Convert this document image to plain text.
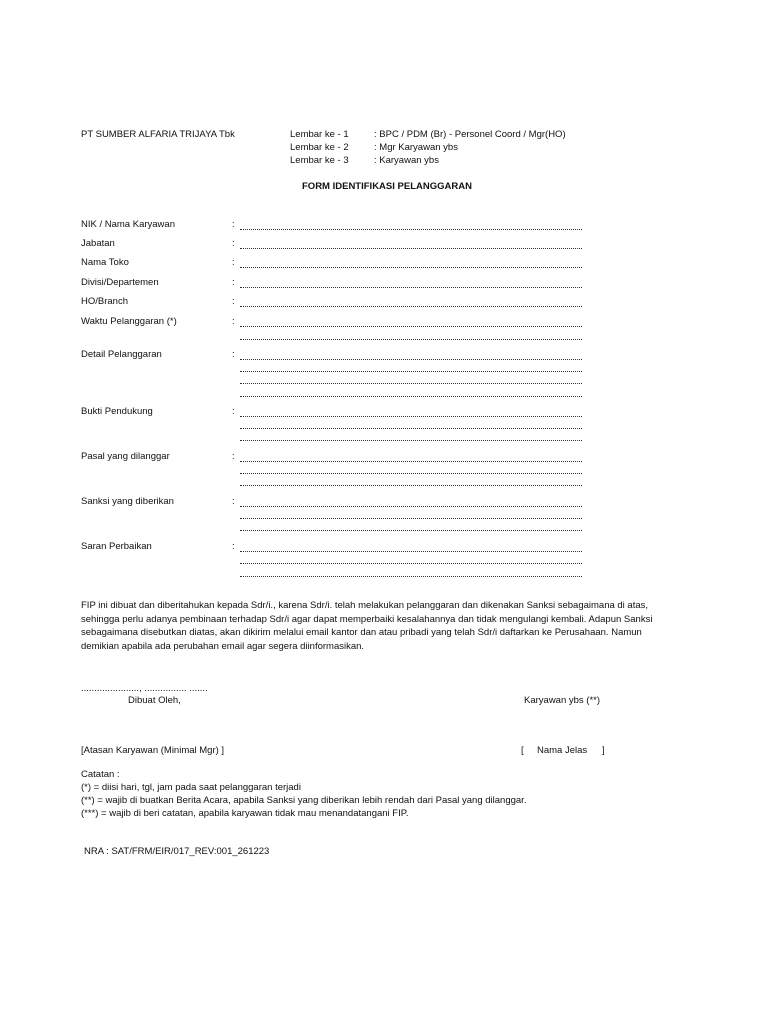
PT SUMBER ALFARIA TRIJAYA Tbk	Lembar ke - 1	: BPC / PDM (Br) - Personel Coord / Mgr(HO)
Lembar ke - 2	: Mgr Karyawan ybs
Lembar ke - 3	: Karyawan ybs
FORM IDENTIFIKASI PELANGGARAN
NIK / Nama Karyawan	:
Jabatan	:
Nama Toko	:
Divisi/Departemen	:
HO/Branch	:
Waktu Pelanggaran (*)	:
Detail Pelanggaran	:
Bukti Pendukung	:
Pasal yang dilanggar	:
Sanksi yang diberikan	:
Saran Perbaikan	:
FIP ini dibuat dan diberitahukan kepada Sdr/i., karena Sdr/i. telah melakukan pelanggaran dan dikenakan Sanksi sebagaimana di atas, sehingga perlu adanya pembinaan terhadap Sdr/i agar dapat memperbaiki kesalahannya dan tidak mengulangi kembali. Adapun Sanksi sebagaimana disebutkan diatas, akan dikirim melalui email kantor dan atau pribadi yang telah Sdr/i daftarkan ke Perusahaan. Namun demikian apabila ada perubahan email agar segera diinformasikan.
......................, ................ .......
Dibuat Oleh,	Karyawan ybs (**)
[Atasan Karyawan (Minimal Mgr) ]	[ Nama Jelas ]
Catatan :
(*) = diisi hari, tgl, jam pada saat pelanggaran terjadi
(**) = wajib di buatkan Berita Acara, apabila Sanksi yang diberikan lebih rendah dari Pasal yang dilanggar.
(***) = wajib di beri catatan, apabila karyawan tidak mau menandatangani FIP.
NRA : SAT/FRM/EIR/017_REV:001_261223
